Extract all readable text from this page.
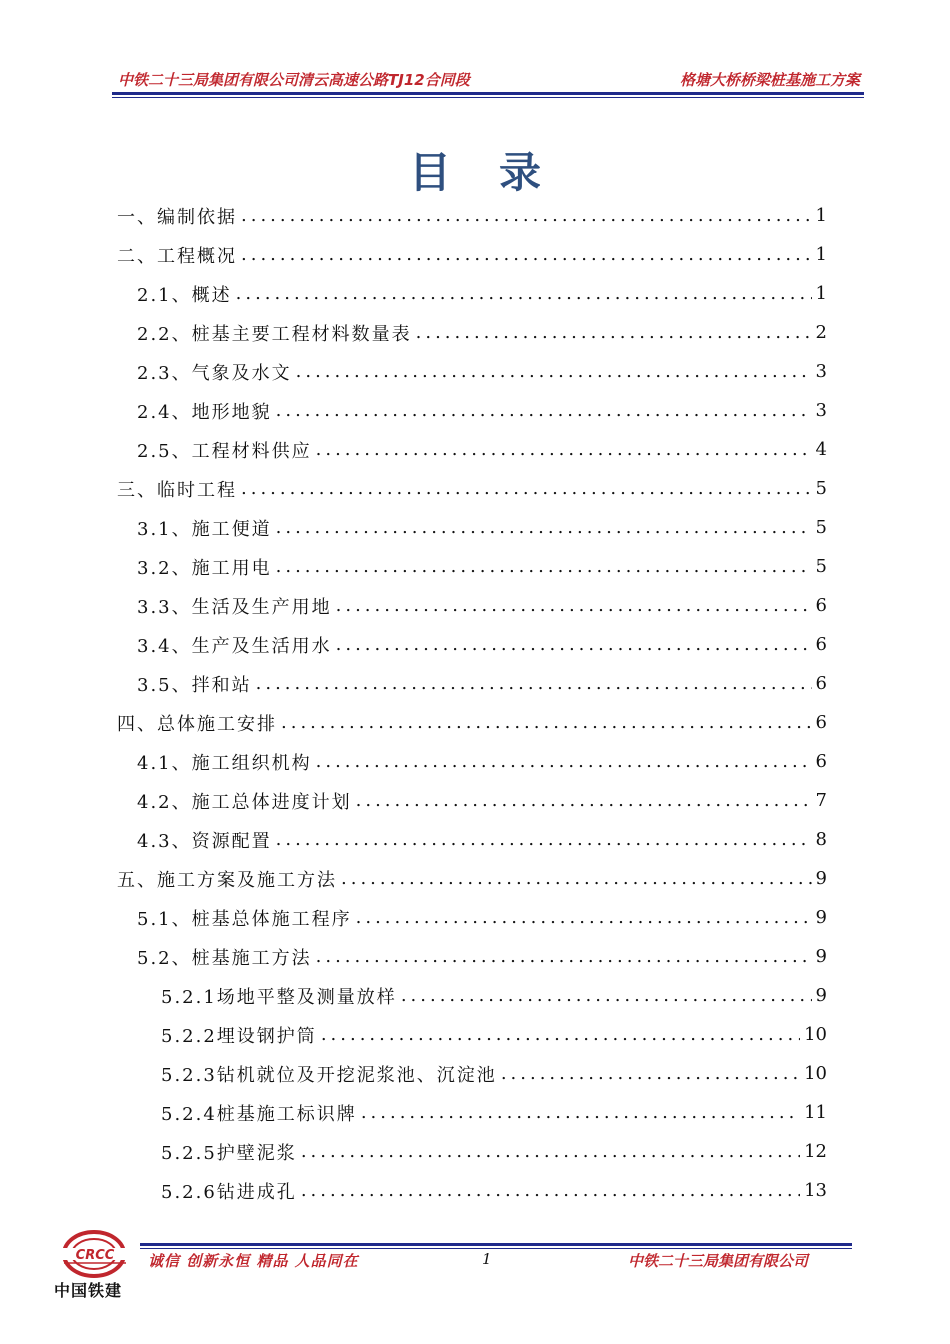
中铁二十三局集团有限公司清云高速公路TJ12合同段	格塘大桥桥梁桩基施工方案
目录
一、编制依据 .....	1
二、工程概况 .....	1
2.1、概述 .....	1
2.2、桩基主要工程材料数量表 .....	2
2.3、气象及水文 .....	3
2.4、地形地貌 .....	3
2.5、工程材料供应 .....	4
三、临时工程 .....	5
3.1、施工便道 .....	5
3.2、施工用电 .....	5
3.3、生活及生产用地 .....	6
3.4、生产及生活用水 .....	6
3.5、拌和站 .....	6
四、总体施工安排 .....	6
4.1、施工组织机构 .....	6
4.2、施工总体进度计划 .....	7
4.3、资源配置 .....	8
五、施工方案及施工方法 .....	9
5.1、桩基总体施工程序 .....	9
5.2、桩基施工方法 .....	9
5.2.1场地平整及测量放样 .....	9
5.2.2埋设钢护筒 .....	10
5.2.3钻机就位及开挖泥浆池、沉淀池 .....	10
5.2.4桩基施工标识牌 .....	11
5.2.5护壁泥浆 .....	12
5.2.6钻进成孔 .....	13
诚信 创新永恒 精品 人品同在	1	中铁二十三局集团有限公司
CRCC
中国铁建
